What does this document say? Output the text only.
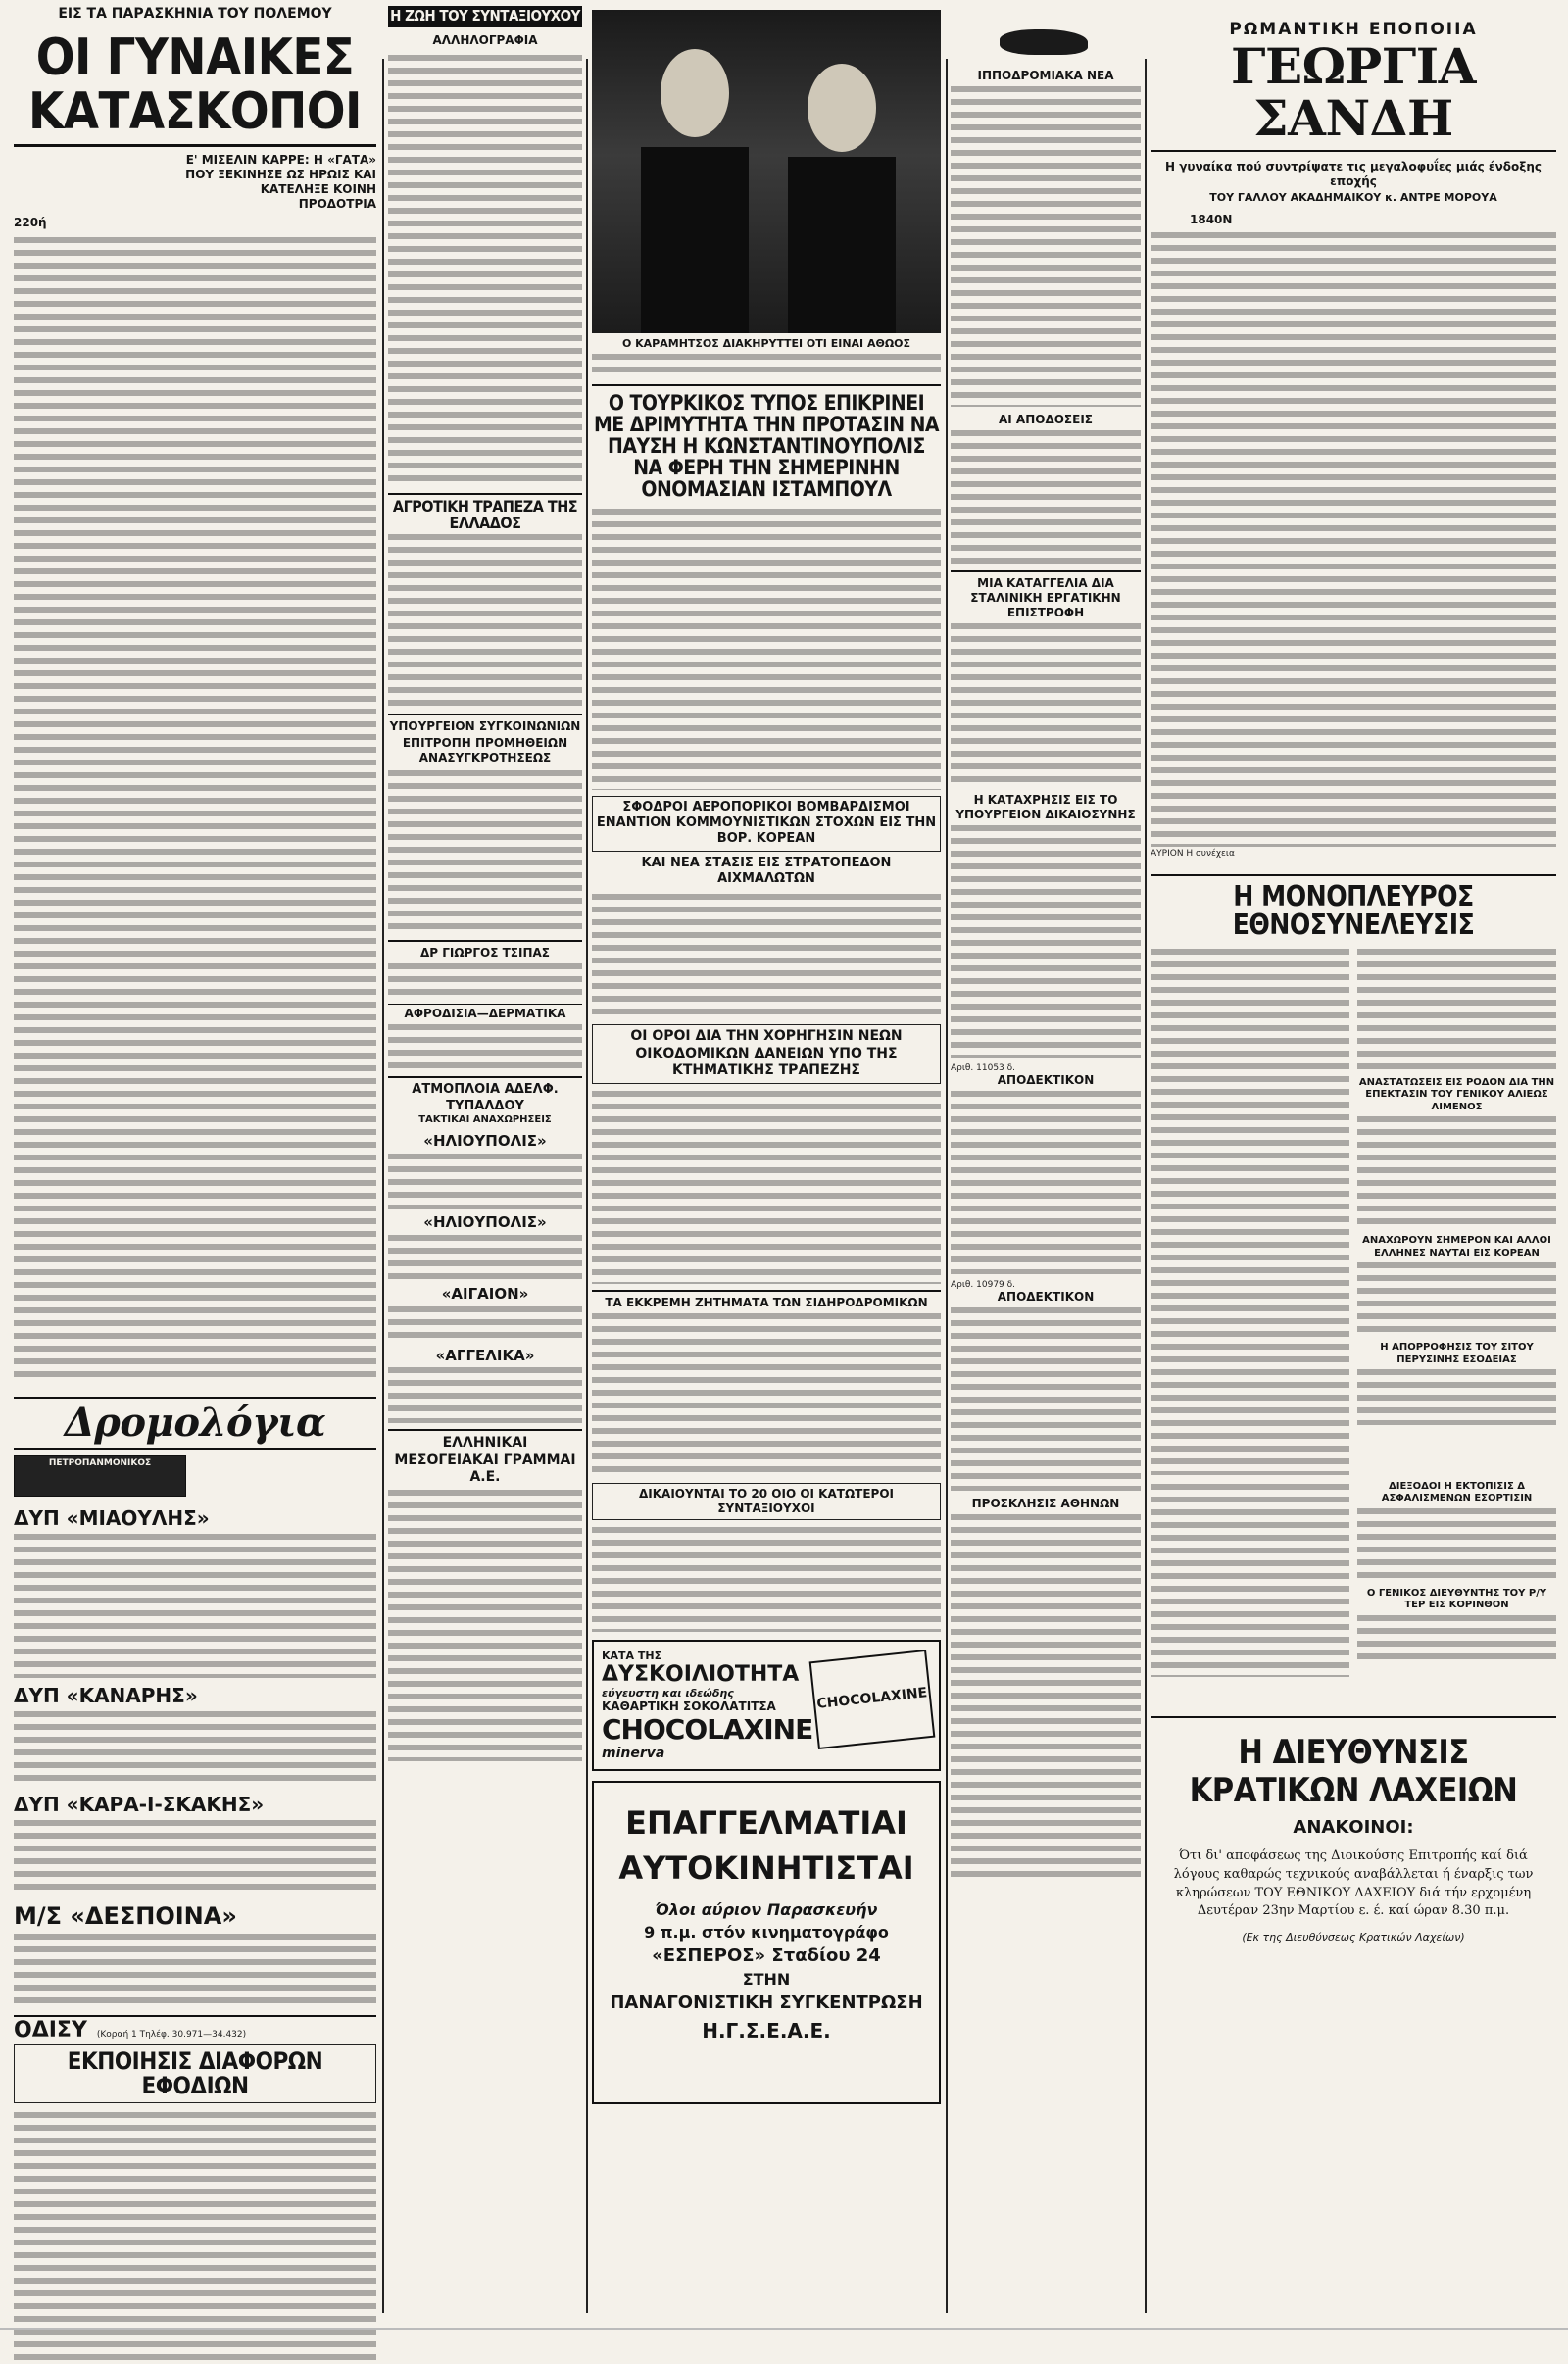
ΕΙΣ ΤΑ ΠΑΡΑΣΚΗΝΙΑ ΤΟΥ ΠΟΛΕΜΟΥ
ΟΙ ΓΥΝΑΙΚΕΣ ΚΑΤΑΣΚΟΠΟΙ
Ε' ΜΙΣΕΛΙΝ ΚΑΡΡΕ: Η «ΓΑΤΑ» ΠΟΥ ΞΕΚΙΝΗΣΕ ΩΣ ΗΡΩΙΣ ΚΑΙ ΚΑΤΕΛΗΞΕ ΚΟΙΝΗ ΠΡΟΔΟΤΡΙΑ
220ή
Δρομολόγια
ΠΕΤΡΟΠΑΝΜΟΝΙΚΟΣ
ΔΥΠ «ΜΙΑΟΥΛΗΣ»
ΔΥΠ «ΚΑΝΑΡΗΣ»
ΔΥΠ «ΚΑΡΑ-Ι-ΣΚΑΚΗΣ»
Μ/Σ «ΔΕΣΠΟΙΝΑ»
ΟΔΙΣΥ (Κοραή 1 Τηλέφ. 30.971—34.432)
ΕΚΠΟΙΗΣΙΣ ΔΙΑΦΟΡΩΝ ΕΦΟΔΙΩΝ
Η ΖΩΗ ΤΟΥ ΣΥΝΤΑΞΙΟΥΧΟΥ
ΑΛΛΗΛΟΓΡΑΦΙΑ
ΑΓΡΟΤΙΚΗ ΤΡΑΠΕΖΑ ΤΗΣ ΕΛΛΑΔΟΣ
ΥΠΟΥΡΓΕΙΟΝ ΣΥΓΚΟΙΝΩΝΙΩΝ
ΕΠΙΤΡΟΠΗ ΠΡΟΜΗΘΕΙΩΝ ΑΝΑΣΥΓΚΡΟΤΗΣΕΩΣ
ΔΡ ΓΙΩΡΓΟΣ ΤΣΙΠΑΣ
ΑΦΡΟΔΙΣΙΑ—ΔΕΡΜΑΤΙΚΑ
ΑΤΜΟΠΛΟΙΑ ΑΔΕΛΦ. ΤΥΠΑΛΔΟΥ
ΤΑΚΤΙΚΑΙ ΑΝΑΧΩΡΗΣΕΙΣ
«ΗΛΙΟΥΠΟΛΙΣ»
«ΗΛΙΟΥΠΟΛΙΣ»
«ΑΙΓΑΙΟΝ»
«ΑΓΓΕΛΙΚΑ»
ΕΛΛΗΝΙΚΑΙ ΜΕΣΟΓΕΙΑΚΑΙ ΓΡΑΜΜΑΙ Α.Ε.
Ο ΚΑΡΑΜΗΤΣΟΣ ΔΙΑΚΗΡΥΤΤΕΙ ΟΤΙ ΕΙΝΑΙ ΑΘΩΟΣ
Ο ΤΟΥΡΚΙΚΟΣ ΤΥΠΟΣ ΕΠΙΚΡΙΝΕΙ ΜΕ ΔΡΙΜΥΤΗΤΑ ΤΗΝ ΠΡΟΤΑΣΙΝ ΝΑ ΠΑΥΣΗ Η ΚΩΝΣΤΑΝΤΙΝΟΥΠΟΛΙΣ ΝΑ ΦΕΡΗ ΤΗΝ ΣΗΜΕΡΙΝΗΝ ΟΝΟΜΑΣΙΑΝ ΙΣΤΑΜΠΟΥΛ
ΣΦΟΔΡΟΙ ΑΕΡΟΠΟΡΙΚΟΙ ΒΟΜΒΑΡΔΙΣΜΟΙ ΕΝΑΝΤΙΟΝ ΚΟΜΜΟΥΝΙΣΤΙΚΩΝ ΣΤΟΧΩΝ ΕΙΣ ΤΗΝ ΒΟΡ. ΚΟΡΕΑΝ
ΚΑΙ ΝΕΑ ΣΤΑΣΙΣ ΕΙΣ ΣΤΡΑΤΟΠΕΔΟΝ ΑΙΧΜΑΛΩΤΩΝ
ΟΙ ΟΡΟΙ ΔΙΑ ΤΗΝ ΧΟΡΗΓΗΣΙΝ ΝΕΩΝ ΟΙΚΟΔΟΜΙΚΩΝ ΔΑΝΕΙΩΝ ΥΠΟ ΤΗΣ ΚΤΗΜΑΤΙΚΗΣ ΤΡΑΠΕΖΗΣ
ΤΑ ΕΚΚΡΕΜΗ ΖΗΤΗΜΑΤΑ ΤΩΝ ΣΙΔΗΡΟΔΡΟΜΙΚΩΝ
ΔΙΚΑΙΟΥΝΤΑΙ ΤΟ 20 ΟΙΟ ΟΙ ΚΑΤΩΤΕΡΟΙ ΣΥΝΤΑΞΙΟΥΧΟΙ
ΚΑΤΑ ΤΗΣ
ΔΥΣΚΟΙΛΙΟΤΗΤΑ
εύγευστη και ιδεώδης
ΚΑΘΑΡΤΙΚΗ ΣΟΚΟΛΑΤΙΤΣΑ
CHOCOLAXINE
minerva
CHOCOLAXINE
ΕΠΑΓΓΕΛΜΑΤΙΑΙ
ΑΥΤΟΚΙΝΗΤΙΣΤΑΙ
Όλοι αύριον Παρασκευήν
9 π.μ. στόν κινηματογράφο
«ΕΣΠΕΡΟΣ» Σταδίου 24
ΣΤΗΝ
ΠΑΝΑΓΟΝΙΣΤΙΚΗ ΣΥΓΚΕΝΤΡΩΣΗ
Η.Γ.Σ.Ε.Α.Ε.
ΙΠΠΟΔΡΟΜΙΑΚΑ ΝΕΑ
ΑΙ ΑΠΟΔΟΣΕΙΣ
ΜΙΑ ΚΑΤΑΓΓΕΛΙΑ ΔΙΑ ΣΤΑΛΙΝΙΚΗ ΕΡΓΑΤΙΚΗΝ ΕΠΙΣΤΡΟΦΗ
Η ΚΑΤΑΧΡΗΣΙΣ ΕΙΣ ΤΟ ΥΠΟΥΡΓΕΙΟΝ ΔΙΚΑΙΟΣΥΝΗΣ
Αριθ. 11053 δ.
ΑΠΟΔΕΚΤΙΚΟΝ
Αριθ. 10979 δ.
ΑΠΟΔΕΚΤΙΚΟΝ
ΠΡΟΣΚΛΗΣΙΣ ΑΘΗΝΩΝ
ΡΩΜΑΝΤΙΚΗ ΕΠΟΠΟΙΙΑ
ΓΕΩΡΓΙΑ ΣΑΝΔΗ
Η γυναίκα πού συντρίψατε τις μεγαλοφυΐες μιάς ένδοξης εποχής
ΤΟΥ ΓΑΛΛΟΥ ΑΚΑΔΗΜΑΙΚΟΥ κ. ΑΝΤΡΕ ΜΟΡΟΥΑ
1840Ν
ΑΥΡΙΟΝ Η συνέχεια
Η ΜΟΝΟΠΛΕΥΡΟΣ ΕΘΝΟΣΥΝΕΛΕΥΣΙΣ
ΑΝΑΣΤΑΤΩΣΕΙΣ ΕΙΣ ΡΟΔΟΝ ΔΙΑ ΤΗΝ ΕΠΕΚΤΑΣΙΝ ΤΟΥ ΓΕΝΙΚΟΥ ΑΛΙΕΩΣ ΛΙΜΕΝΟΣ
ΑΝΑΧΩΡΟΥΝ ΣΗΜΕΡΟΝ ΚΑΙ ΑΛΛΟΙ ΕΛΛΗΝΕΣ ΝΑΥΤΑΙ ΕΙΣ ΚΟΡΕΑΝ
Η ΑΠΟΡΡΟΦΗΣΙΣ ΤΟΥ ΣΙΤΟΥ ΠΕΡΥΣΙΝΗΣ ΕΣΟΔΕΙΑΣ
ΔΙΕΞΟΔΟΙ Η ΕΚΤΟΠΙΣΙΣ Δ ΑΣΦΑΛΙΣΜΕΝΩΝ ΕΣΟΡΤΙΣΙΝ
Ο ΓΕΝΙΚΟΣ ΔΙΕΥΘΥΝΤΗΣ ΤΟΥ Ρ/Υ ΤΕΡ ΕΙΣ ΚΟΡΙΝΘΟΝ
Η ΔΙΕΥΘΥΝΣΙΣ
ΚΡΑΤΙΚΩΝ ΛΑΧΕΙΩΝ
ΑΝΑΚΟΙΝΟΙ:
Ότι δι' αποφάσεως της Διοικούσης Επιτροπής καί διά λόγους καθαρώς τεχνικούς αναβάλλεται ή έναρξις των κληρώσεων ΤΟΥ ΕΘΝΙΚΟΥ ΛΑΧΕΙΟΥ διά τήν ερχομένη Δευτέραν 23ην Μαρτίου ε. έ. καί ώραν 8.30 π.μ.
(Εκ της Διευθύνσεως Κρατικών Λαχείων)
